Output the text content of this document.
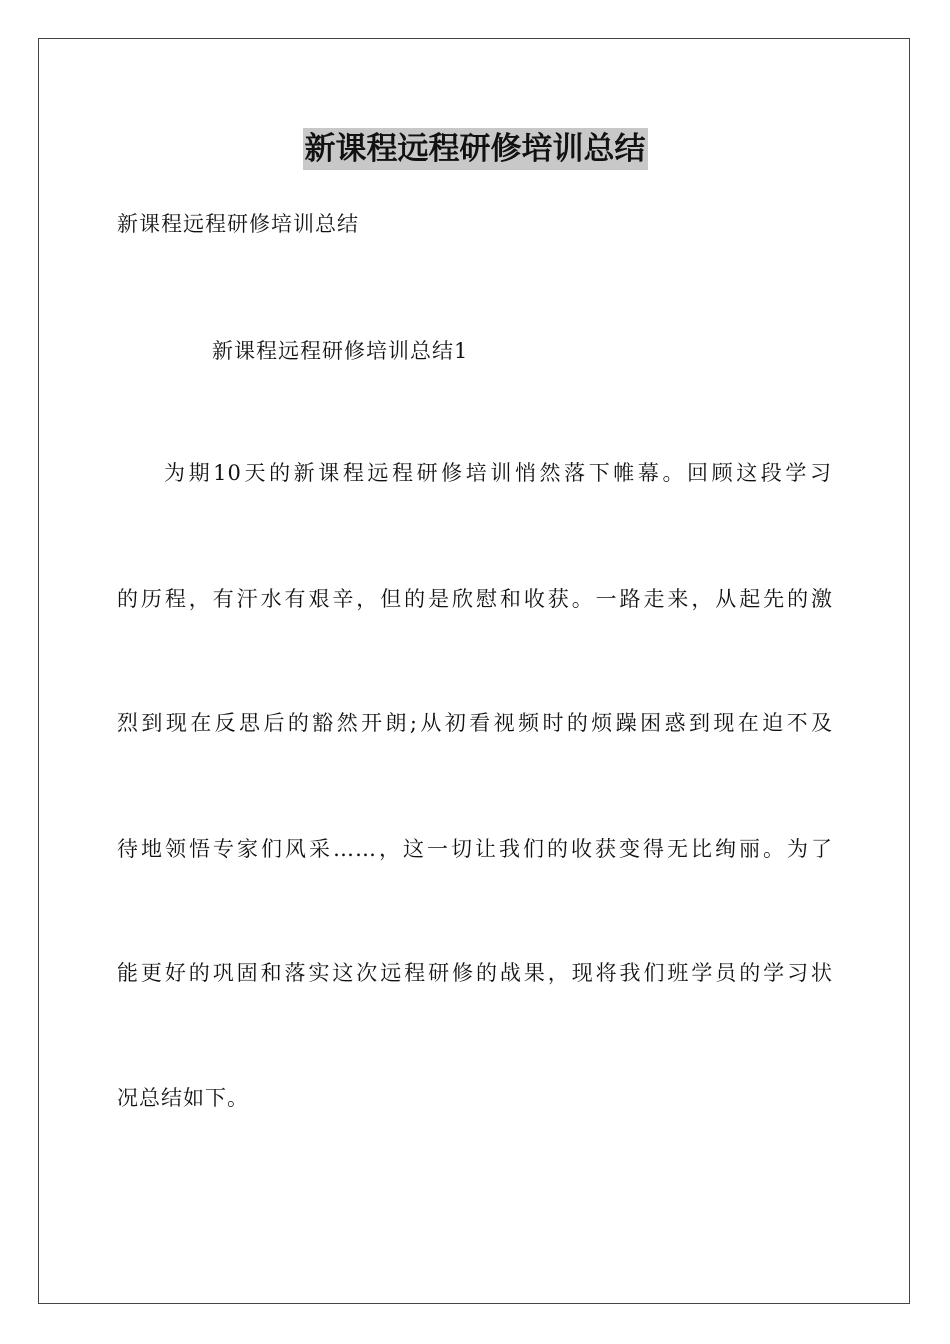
新课程远程研修培训总结
新课程远程研修培训总结
新课程远程研修培训总结1
为期10天的新课程远程研修培训悄然落下帷幕。回顾这段学习
的历程，有汗水有艰辛，但的是欣慰和收获。一路走来，从起先的激
烈到现在反思后的豁然开朗;从初看视频时的烦躁困惑到现在迫不及
待地领悟专家们风采……，这一切让我们的收获变得无比绚丽。为了
能更好的巩固和落实这次远程研修的战果，现将我们班学员的学习状
况总结如下。
